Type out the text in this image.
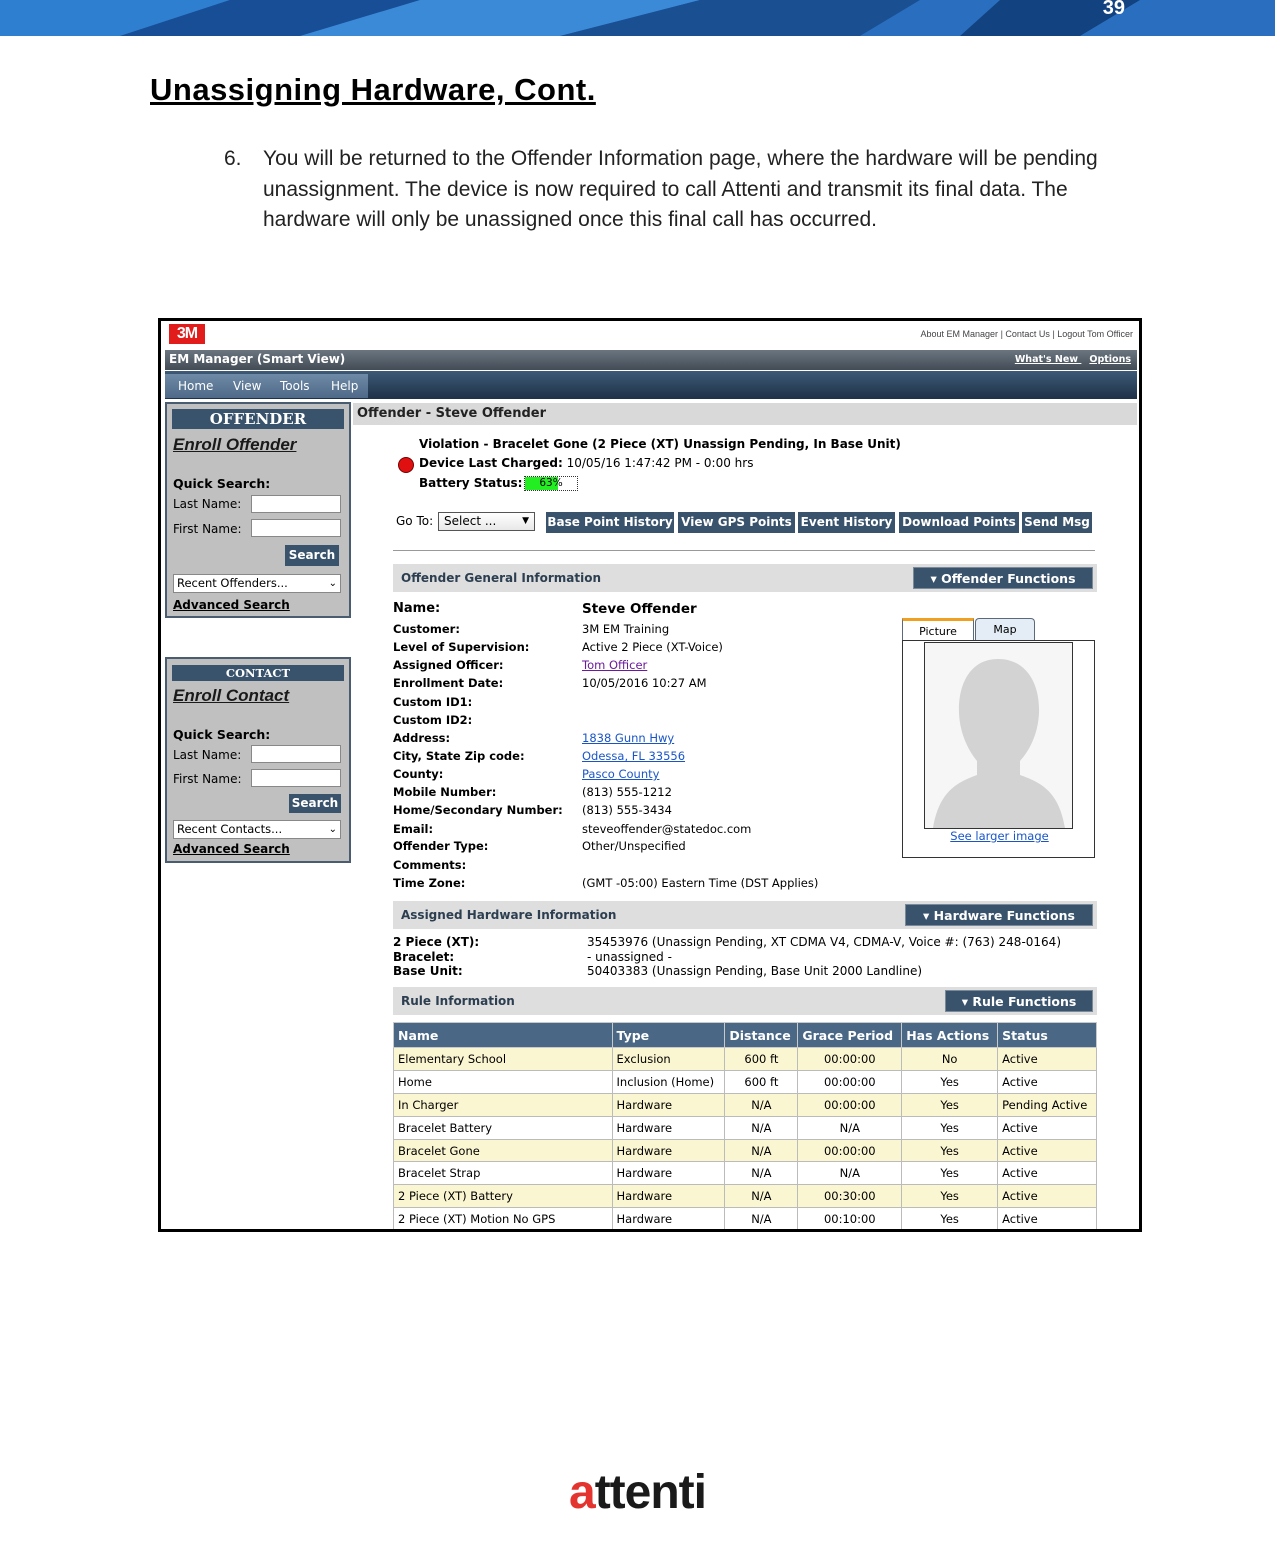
39
Unassigning Hardware, Cont.
6. You will be returned to the Offender Information page, where the hardware will be pending unassignment. The device is now required to call Attenti and transmit its final data. The hardware will only be unassigned once this final call has occurred.
3M	About EM Manager | Contact Us | Logout Tom Officer
EM Manager (Smart View)	What's New Options
Home View Tools Help
OFFENDER
Enroll Offender
Quick Search:
Last Name:
First Name:
Search
Recent Offenders...	⌄
Advanced Search
CONTACT
Enroll Contact
Quick Search:
Last Name:
First Name:
Search
Recent Contacts...	⌄
Advanced Search
Offender - Steve Offender
Violation - Bracelet Gone (2 Piece (XT) Unassign Pending, In Base Unit)
Device Last Charged: 10/05/16 1:47:42 PM - 0:00 hrs
Battery Status:	63%
Go To: Select ...	▼ Base Point History View GPS Points Event History Download Points Send Msg
Offender General Information	▾ Offender Functions
Name:	Steve Offender
Customer:	3M EM Training
Level of Supervision:	Active 2 Piece (XT-Voice)
Assigned Officer:	Tom Officer
Enrollment Date:	10/05/2016 10:27 AM
Custom ID1:
Custom ID2:
Address:	1838 Gunn Hwy
City, State Zip code:	Odessa, FL 33556
County:	Pasco County
Mobile Number:	(813) 555-1212
Home/Secondary Number: (813) 555-3434
Email:	steveoffender@statedoc.com
Offender Type:	Other/Unspecified
Comments:
Time Zone:	(GMT -05:00) Eastern Time (DST Applies)
Picture	Map
See larger image
Assigned Hardware Information	▾ Hardware Functions
2 Piece (XT):	35453976 (Unassign Pending, XT CDMA V4, CDMA-V, Voice #: (763) 248-0164)
Bracelet:	- unassigned -
Base Unit:	50403383 (Unassign Pending, Base Unit 2000 Landline)
Rule Information	▾ Rule Functions
Name	Type	Distance	Grace Period	Has Actions	Status
Elementary School	Exclusion	600 ft	00:00:00	No	Active
Home	Inclusion (Home)	600 ft	00:00:00	Yes	Active
In Charger	Hardware	N/A	00:00:00	Yes	Pending Active
Bracelet Battery	Hardware	N/A	N/A	Yes	Active
Bracelet Gone	Hardware	N/A	00:00:00	Yes	Active
Bracelet Strap	Hardware	N/A	N/A	Yes	Active
2 Piece (XT) Battery	Hardware	N/A	00:30:00	Yes	Active
2 Piece (XT) Motion No GPS	Hardware	N/A	00:10:00	Yes	Active
attenti
